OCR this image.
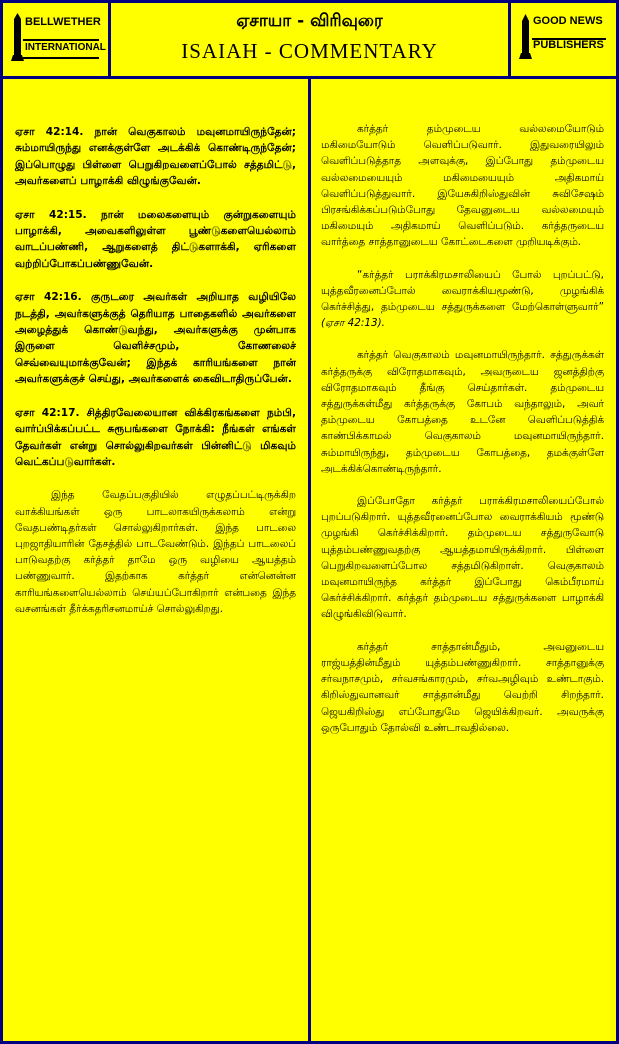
BELLWETHER
INTERNATIONAL
ஏசாயா - விரிவுரை
ISAIAH - COMMENTARY
GOOD NEWS
PUBLISHERS

ஏசா 42:14. நான் வெகுகாலம் மவுனமாயிருந்தேன்; சும்மாயிருந்து எனக்குள்ளே அடக்கிக் கொண்டிருந்தேன்; இப்பொழுது பிள்ளை பெறுகிறவளைப்போல் சத்தமிட்டு, அவர்களைப் பாழாக்கி விழுங்குவேன்.

ஏசா 42:15. நான் மலைகளையும் குன்றுகளையும் பாழாக்கி, அவைகளிலுள்ள பூண்டுகளையெல்லாம் வாடப்பண்ணி, ஆறுகளைத் திட்டுகளாக்கி, ஏரிகளை வற்றிப்போகப்பண்ணுவேன்.

ஏசா 42:16. குருடரை அவர்கள் அறியாத வழியிலே நடத்தி, அவர்களுக்குத் தெரியாத பாதைகளில் அவர்களை அழைத்துக் கொண்டுவந்து, அவர்களுக்கு முன்பாக இருளை வெளிச்சமும், கோணலைச் செவ்வையுமாக்குவேன்; இந்தக் காரியங்களை நான் அவர்களுக்குச் செய்து, அவர்களைக் கைவிடாதிருப்பேன்.

ஏசா 42:17. சித்திரவேலையான விக்கிரகங்களை நம்பி, வார்ப்பிக்கப்பட்ட சுரூபங்களை நோக்கி: நீங்கள் எங்கள் தேவர்கள் என்று சொல்லுகிறவர்கள் பின்னிட்டு மிகவும் வெட்கப்படுவார்கள்.

இந்த வேதப்பகுதியில் எழுதப்பட்டிருக்கிற வாக்கியங்கள் ஒரு பாடலாகயிருக்கலாம் என்று வேதபண்டிதர்கள் சொல்லுகிறார்கள். இந்த பாடலை புறஜாதியாரின் தேசத்தில் பாடவேண்டும். இந்தப் பாடலைப் பாடுவதற்கு கர்த்தர் தாமே ஒரு வழியை ஆயத்தம் பண்ணுவார். இதற்காக கர்த்தர் என்னென்ன காரியங்களையெல்லாம் செய்யப்போகிறார் என்பதை இந்த வசனங்கள் தீர்க்கதரிசனமாய்ச் சொல்லுகிறது.

கர்த்தர் தம்முடைய வல்லமையோடும் மகிமையோடும் வெளிப்படுவார். இதுவரையிலும் வெளிப்படுத்தாத அளவுக்கு, இப்போது தம்முடைய வல்லமையையும் மகிமையையும் அதிகமாய் வெளிப்படுத்துவார். இயேசுகிறிஸ்துவின் சுவிசேஷம் பிரசங்கிக்கப்படும்போது தேவனுடைய வல்லமையும் மகிமையும் அதிகமாய் வெளிப்படும். கர்த்தருடைய வார்த்தை சாத்தானுடைய கோட்டைகளை முறியடிக்கும்.

“கர்த்தர் பராக்கிரமசாலியைப் போல் புறப்பட்டு, யுத்தவீரனைப்போல் வைராக்கியமூண்டு, முழங்கிக் கெர்ச்சித்து, தம்முடைய சத்துருக்களை மேற்கொள்ளுவார்” (ஏசா 42:13).

கர்த்தர் வெகுகாலம் மவுனமாயிருந்தார். சத்துருக்கள் கர்த்தருக்கு விரோதமாகவும், அவருடைய ஜனத்திற்கு விரோதமாகவும் தீங்கு செய்தார்கள். தம்முடைய சத்துருக்கள்மீது கர்த்தருக்கு கோபம் வந்தாலும், அவர் தம்முடைய கோபத்தை உடனே வெளிப்படுத்திக் காண்பிக்காமல் வெகுகாலம் மவுனமாயிருந்தார். சும்மாயிருந்து, தம்முடைய கோபத்தை, தமக்குள்ளே அடக்கிக்கொண்டிருந்தார்.

இப்போதோ கர்த்தர் பராக்கிரமசாலியைப்போல் புறப்படுகிறார். யுத்தவீரனைப்போல வைராக்கியம் மூண்டு முழங்கி கெர்ச்சிக்கிறார். தம்முடைய சத்துருவோடு யுத்தம்பண்ணுவதற்கு ஆயத்தமாயிருக்கிறார். பிள்ளை பெறுகிறவளைப்போல சத்தமிடுகிறாள். வெகுகாலம் மவுனமாயிருந்த கர்த்தர் இப்போது கெம்பீரமாய் கெர்ச்சிக்கிறார். கர்த்தர் தம்முடைய சத்துருக்களை பாழாக்கி விழுங்கிவிடுவார்.

கர்த்தர் சாத்தான்மீதும், அவனுடைய ராஜ்யத்தின்மீதும் யுத்தம்பண்ணுகிறார். சாத்தானுக்கு சர்வநாசமும், சர்வசங்காரமும், சர்வஅழிவும் உண்டாகும். கிறிஸ்துவானவர் சாத்தான்மீது வெற்றி சிறந்தார். ஜெயகிறிஸ்து எப்போதுமே ஜெயிக்கிறவர். அவருக்கு ஒருபோதும் தோல்வி உண்டாவதில்லை.
